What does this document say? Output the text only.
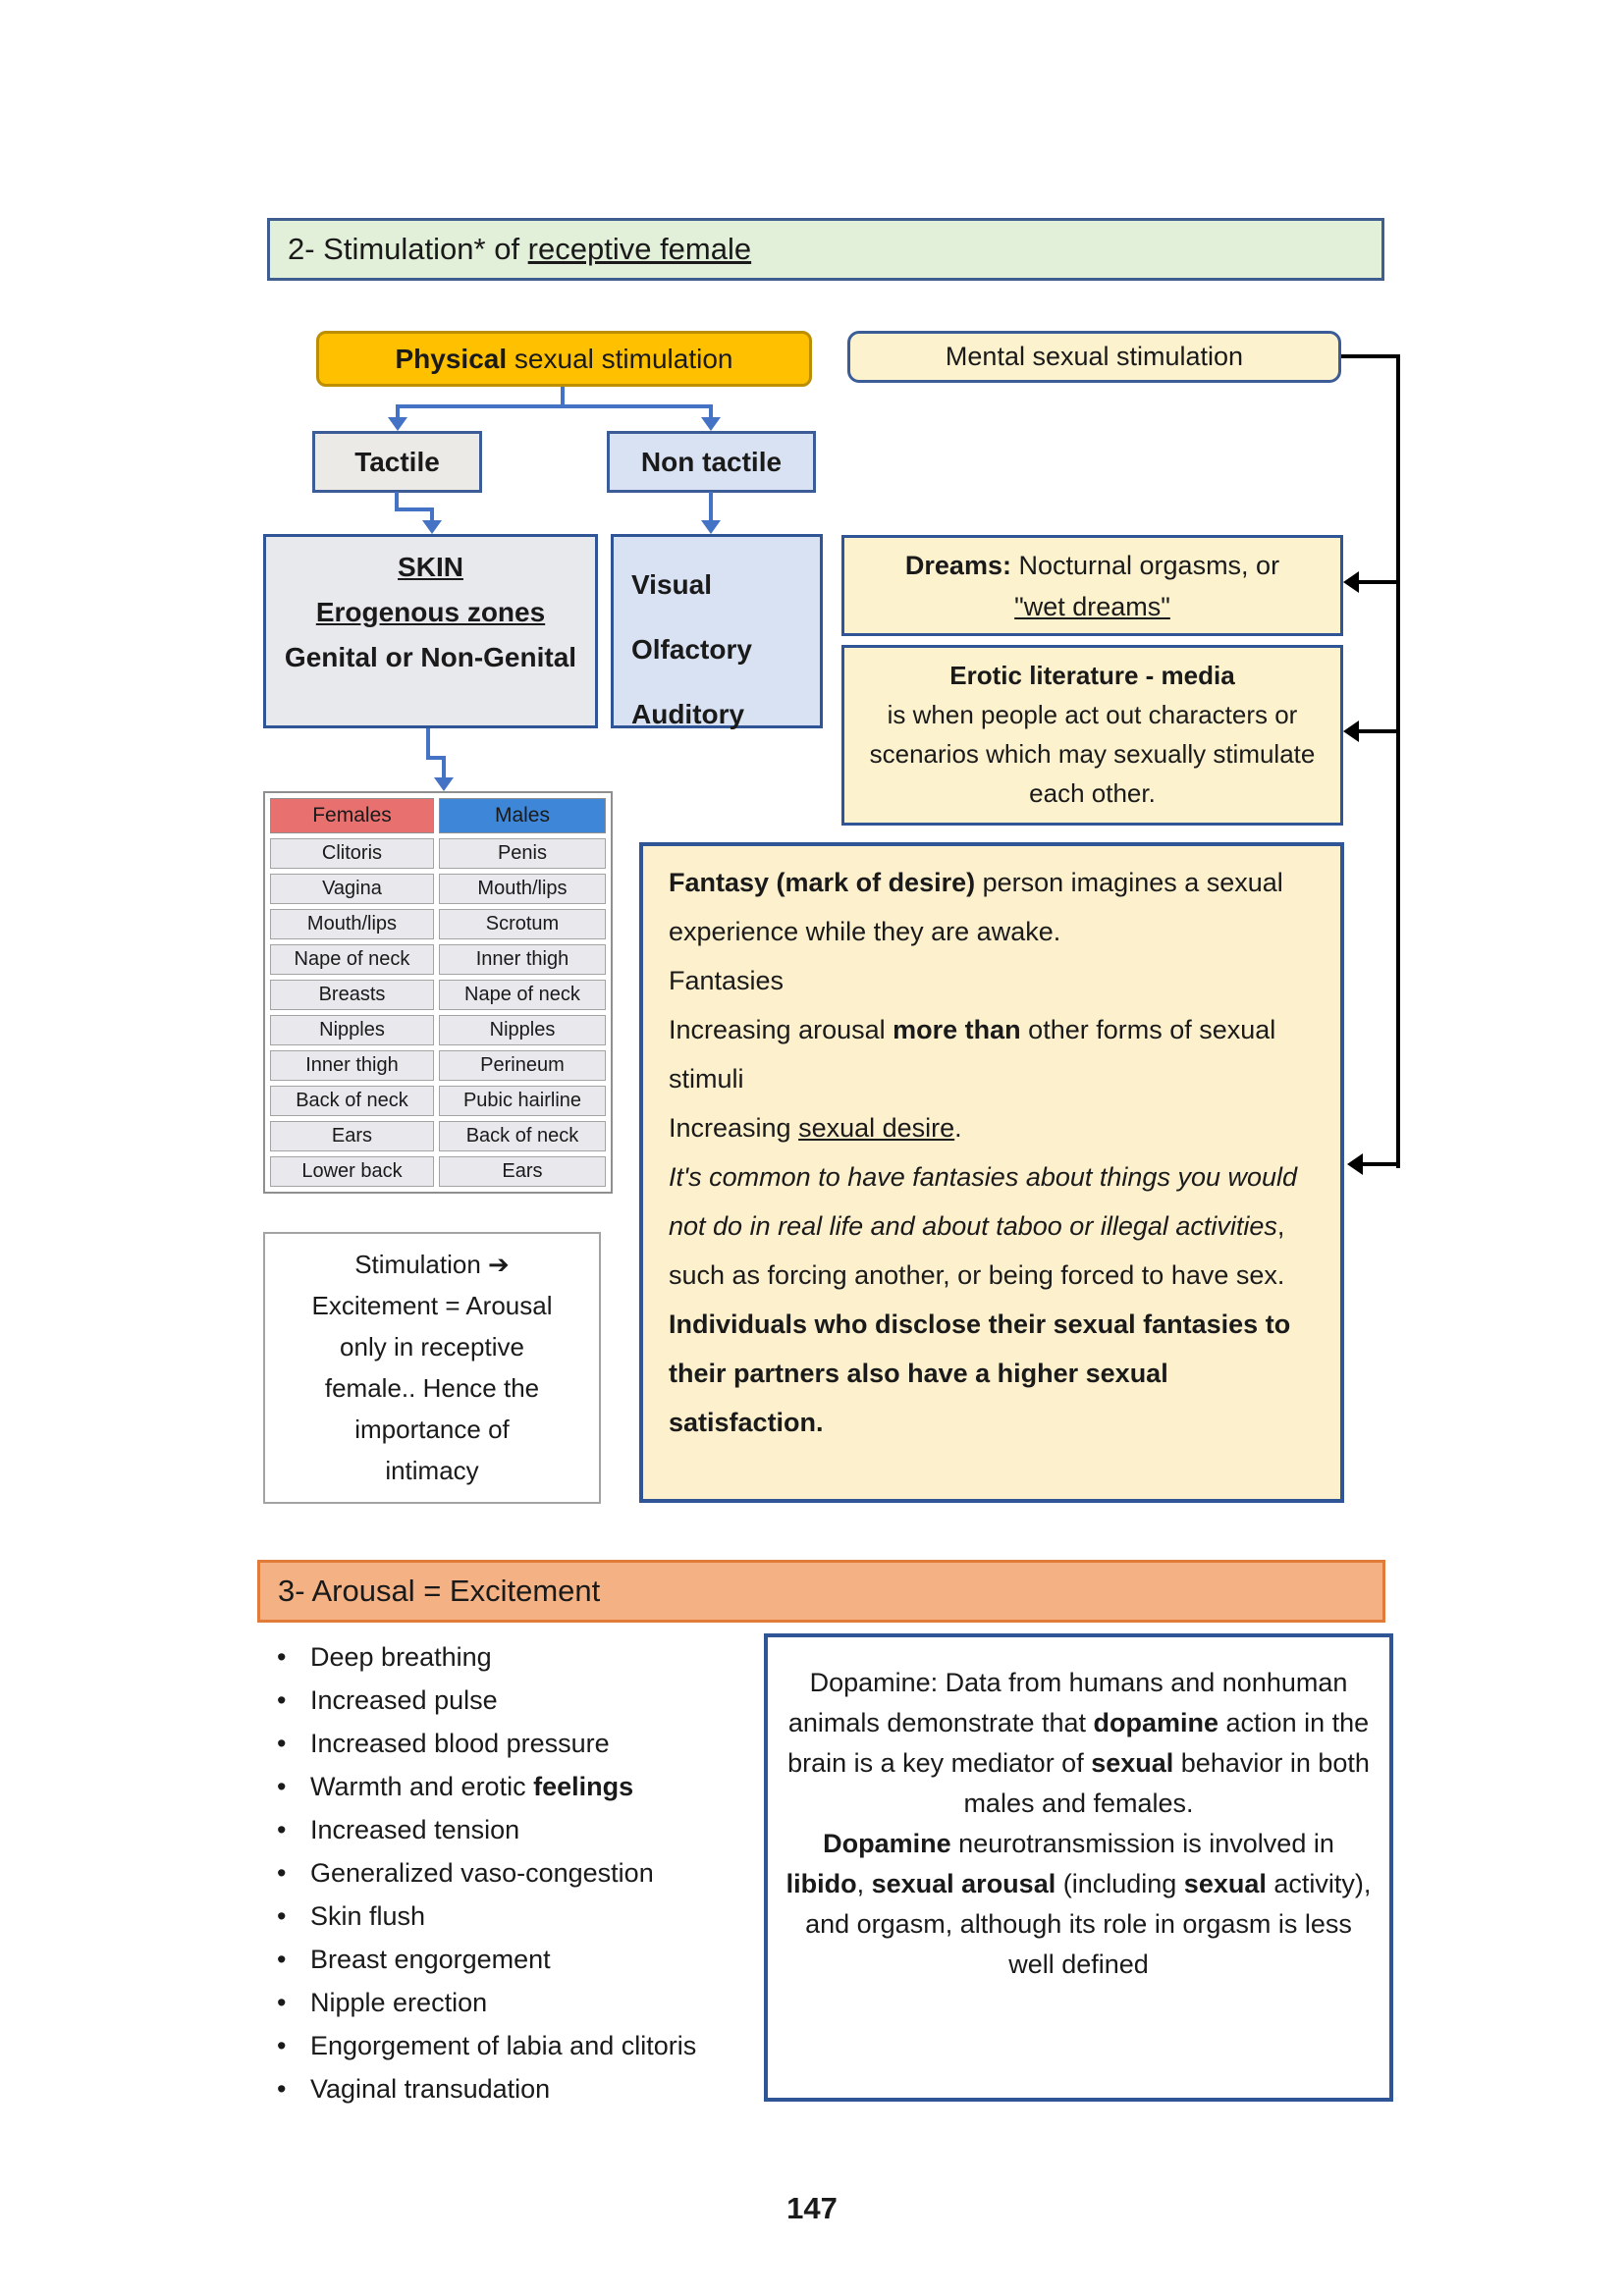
2- Stimulation* of receptive female
Physical sexual stimulation	Mental sexual stimulation
Tactile	Non tactile
SKIN
Erogenous zones
Genital or Non-Genital
Visual
Olfactory
Auditory
Dreams: Nocturnal orgasms, or
"wet dreams"
Erotic literature - media
is when people act out characters or scenarios which may sexually stimulate each other.
Females	Males
Clitoris	Penis
Vagina	Mouth/lips
Mouth/lips	Scrotum
Nape of neck	Inner thigh
Breasts	Nape of neck
Nipples	Nipples
Inner thigh	Perineum
Back of neck	Pubic hairline
Ears	Back of neck
Lower back	Ears
Stimulation ➔
Excitement = Arousal
only in receptive
female.. Hence the
importance of
intimacy

Fantasy (mark of desire) person imagines a sexual experience while they are awake.

Fantasies

Increasing arousal more than other forms of sexual stimuli

Increasing sexual desire.

It's common to have fantasies about things you would not do in real life and about taboo or illegal activities, such as forcing another, or being forced to have sex.

Individuals who disclose their sexual fantasies to their partners also have a higher sexual satisfaction.

3- Arousal = Excitement
• Deep breathing
• Increased pulse
• Increased blood pressure
• Warmth and erotic feelings
• Increased tension
• Generalized vaso-congestion
• Skin flush
• Breast engorgement
• Nipple erection
• Engorgement of labia and clitoris
• Vaginal transudation

Dopamine: Data from humans and nonhuman animals demonstrate that dopamine action in the brain is a key mediator of sexual behavior in both males and females.

Dopamine neurotransmission is involved in libido, sexual arousal (including sexual activity), and orgasm, although its role in orgasm is less well defined

147
